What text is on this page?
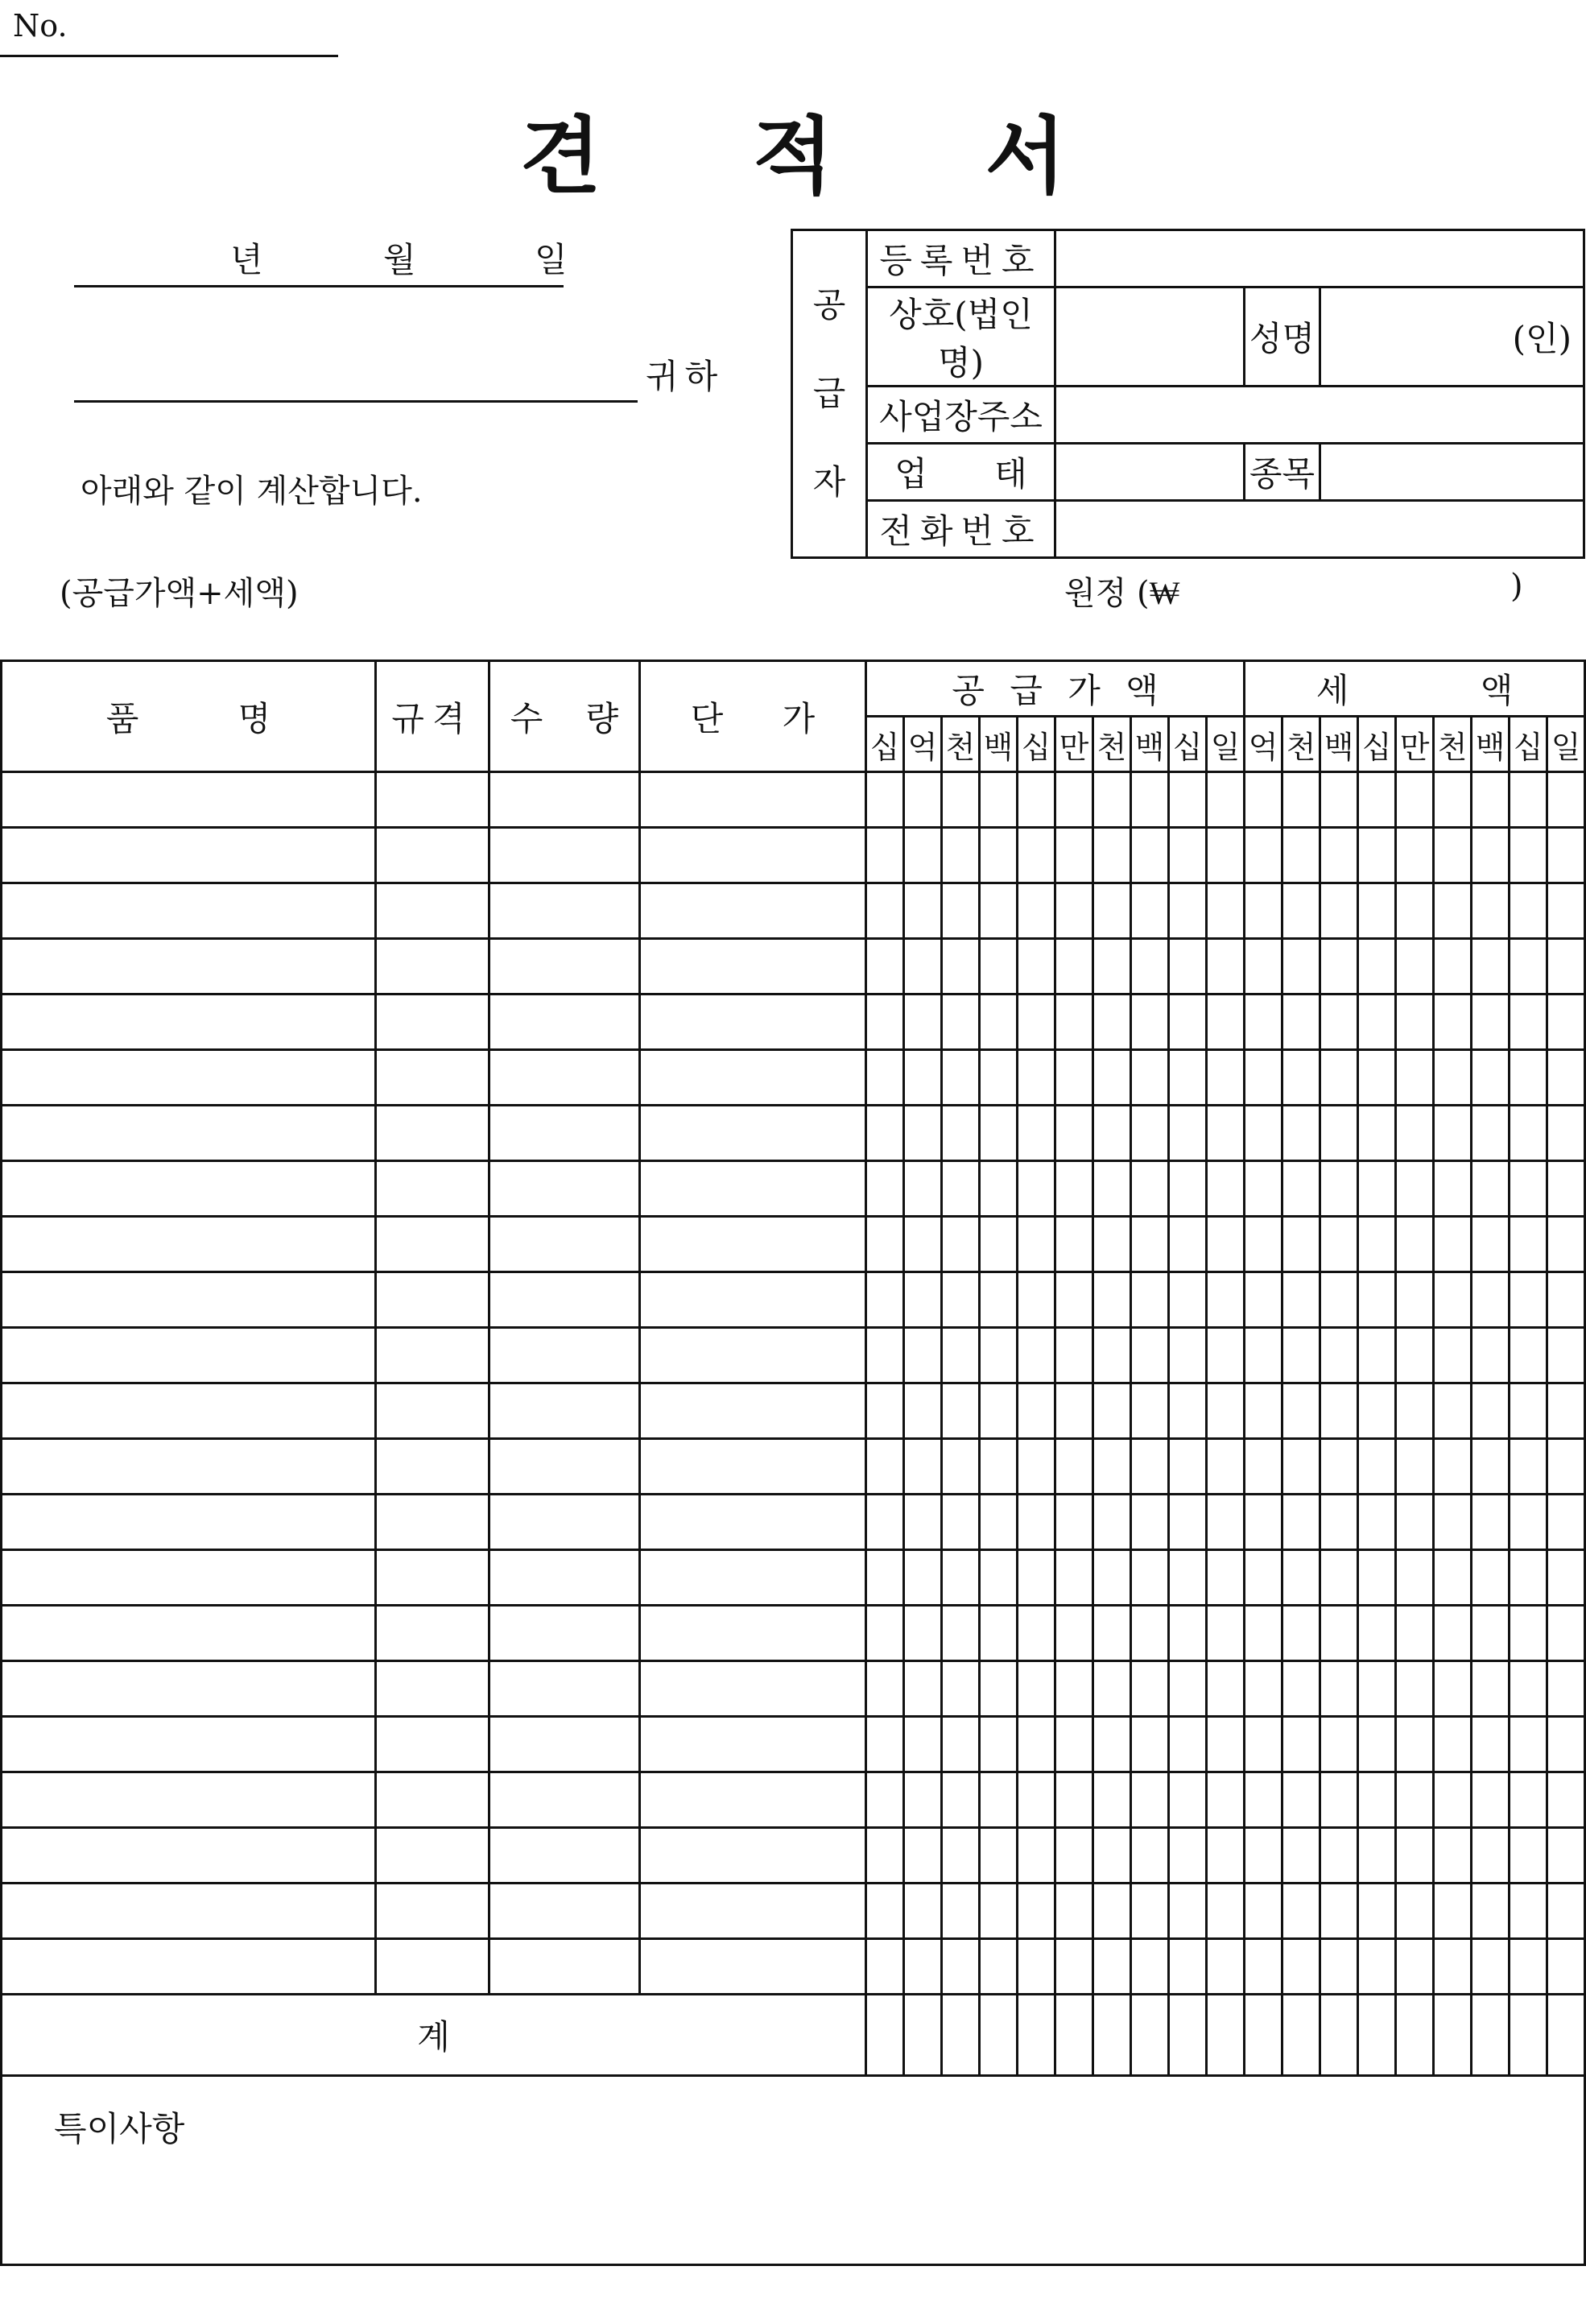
No.
견 적 서
년	월	일
귀하
아래와 같이 계산합니다.
공
급
자	등록번호			
	상호(법인명)		성명	(인)
	사업장주소			
	업 태		종목	
	전화번호			
(공급가액+세액)	원정 (₩	)
품 명	규격	수 량	단 가	공 급 가 액										세 액								
				십	억	천	백	십	만	천	백	십	일	억	천	백	십	만	천	백	십	일

계																						

특이사항																						
